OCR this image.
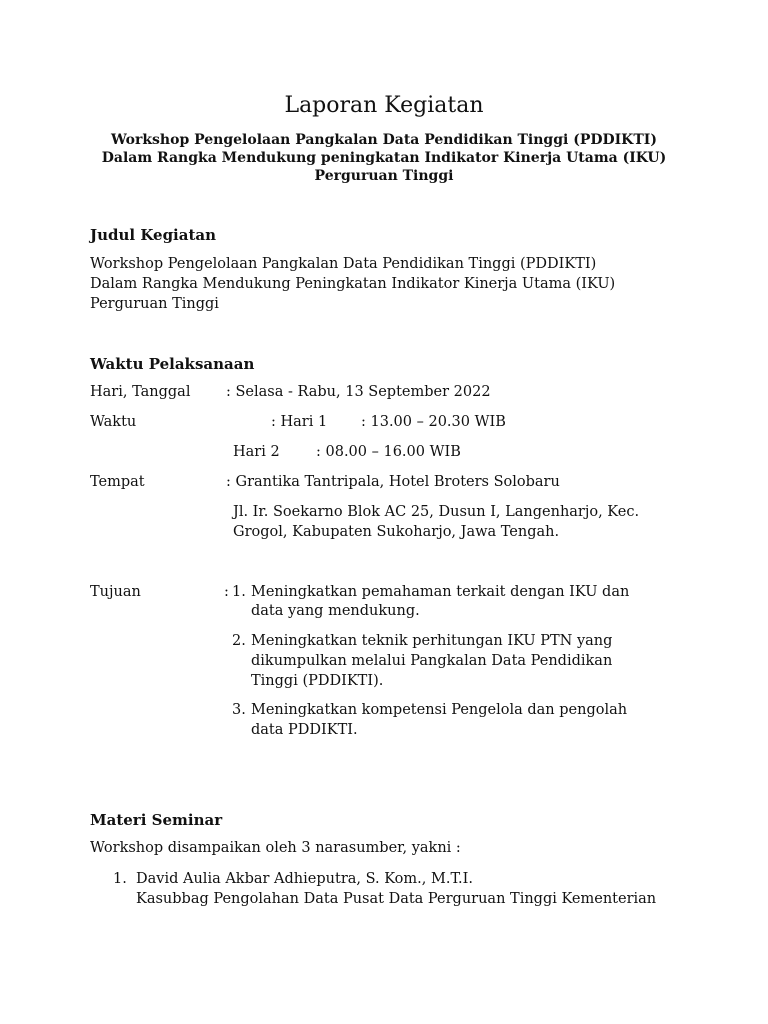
Laporan Kegiatan
Workshop Pengelolaan Pangkalan Data Pendidikan Tinggi (PDDIKTI)
Dalam Rangka Mendukung peningkatan Indikator Kinerja Utama (IKU)
Perguruan Tinggi
Judul Kegiatan
Workshop Pengelolaan Pangkalan Data Pendidikan Tinggi (PDDIKTI)
Dalam Rangka Mendukung Peningkatan Indikator Kinerja Utama (IKU)
Perguruan Tinggi
Waktu Pelaksanaan
Hari, Tanggal : Selasa - Rabu, 13 September 2022
Waktu	: Hari 1 : 13.00 – 20.30 WIB
Hari 2	: 08.00 – 16.00 WIB
Tempat	: Grantika Tantripala, Hotel Broters Solobaru
Jl. Ir. Soekarno Blok AC 25, Dusun I, Langenharjo, Kec.
Grogol, Kabupaten Sukoharjo, Jawa Tengah.
Tujuan	: 1. Meningkatkan pemahaman terkait dengan IKU dan
data yang mendukung.
2. Meningkatkan teknik perhitungan IKU PTN yang
dikumpulkan melalui Pangkalan Data Pendidikan
Tinggi (PDDIKTI).
3. Meningkatkan kompetensi Pengelola dan pengolah
data PDDIKTI.
Materi Seminar
Workshop disampaikan oleh 3 narasumber, yakni :
1. David Aulia Akbar Adhieputra, S. Kom., M.T.I.
Kasubbag Pengolahan Data Pusat Data Perguruan Tinggi Kementerian
